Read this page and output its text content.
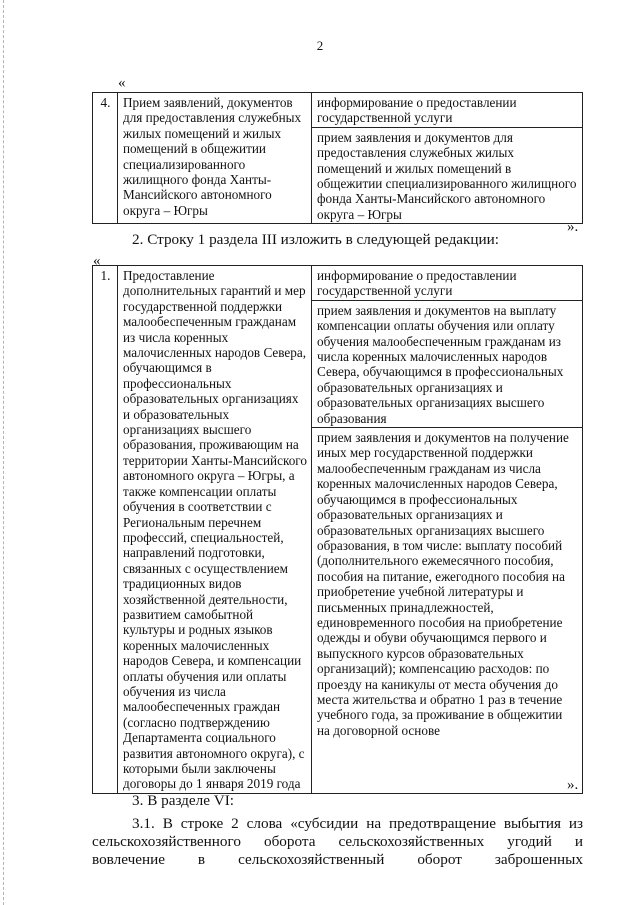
2
«
4.	Прием заявлений, документов для предоставления служебных жилых помещений и жилых помещений в общежитии специализированного жилищного фонда Ханты-Мансийского автономного округа – Югры	
информирование о предоставлении государственной услуги
прием заявления и документов для предоставления служебных жилых помещений и жилых помещений в общежитии специализированного жилищного фонда Ханты-Мансийского автономного округа – Югры
».

2. Строку 1 раздела III изложить в следующей редакции:

«
1.	Предоставление дополнительных гарантий и мер государственной поддержки малообеспеченным гражданам из числа коренных малочисленных народов Севера, обучающимся в профессиональных образовательных организациях и образовательных организациях высшего образования, проживающим на территории Ханты-Мансийского автономного округа – Югры, а также компенсации оплаты обучения в соответствии с Региональным перечнем профессий, специальностей, направлений подготовки, связанных с осуществлением традиционных видов хозяйственной деятельности, развитием самобытной культуры и родных языков коренных малочисленных народов Севера, и компенсации оплаты обучения или оплаты обучения из числа малообеспеченных граждан (согласно подтверждению Департамента социального развития автономного округа), с которыми были заключены договоры до 1 января 2019 года	
информирование о предоставлении государственной услуги
прием заявления и документов на выплату компенсации оплаты обучения или оплату обучения малообеспеченным гражданам из числа коренных малочисленных народов Севера, обучающимся в профессиональных образовательных организациях и образовательных организациях высшего образования
прием заявления и документов на получение иных мер государственной поддержки малообеспеченным гражданам из числа коренных малочисленных народов Севера, обучающимся в профессиональных образовательных организациях и образовательных организациях высшего образования, в том числе: выплату пособий (дополнительного ежемесячного пособия, пособия на питание, ежегодного пособия на приобретение учебной литературы и письменных принадлежностей, единовременного пособия на приобретение одежды и обуви обучающимся первого и выпускного курсов образовательных организаций); компенсацию расходов: по проезду на каникулы от места обучения до места жительства и обратно 1 раз в течение учебного года, за проживание в общежитии на договорной основе
».

3. В разделе VI:

3.1. В строке 2 слова «субсидии на предотвращение выбытия из

сельскохозяйственного оборота сельскохозяйственных угодий и

вовлечение в сельскохозяйственный оборот заброшенных
